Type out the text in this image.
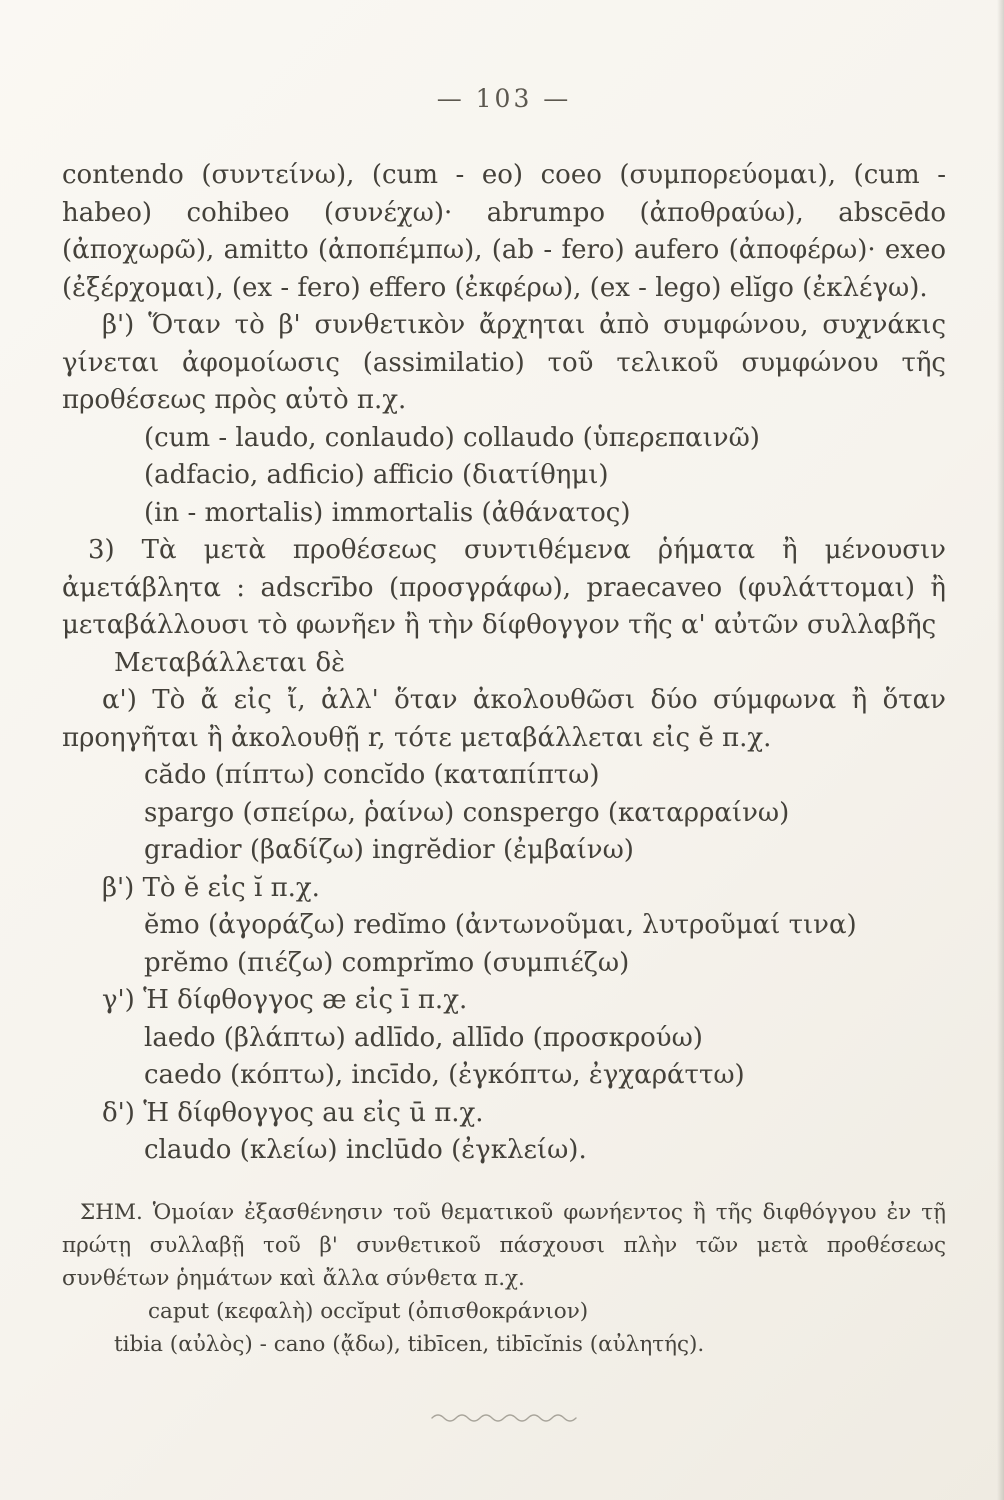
— 103 —

contendo (συντείνω), (cum - eo) coeo (συμπορεύομαι), (cum - habeo) cohibeo (συνέχω)· abrumpo (ἀποθραύω), abscēdo (ἀποχωρῶ), amitto (ἀποπέμπω), (ab - fero) aufero (ἀποφέρω)· exeo (ἐξέρχομαι), (ex - fero) effero (ἐκφέρω), (ex - lego) elĭgo (ἐκλέγω).

β') Ὅταν τὸ β' συνθετικὸν ἄρχηται ἀπὸ συμφώνου, συχνάκις γίνεται ἀφομοίωσις (assimilatio) τοῦ τελικοῦ συμφώνου τῆς προθέσεως πρὸς αὐτὸ π.χ.

(cum - laudo, conlaudo) collaudo (ὑπερεπαινῶ)

(adfacio, adficio) afficio (διατίθημι)

(in - mortalis) immortalis (ἀθάνατος)

3) Τὰ μετὰ προθέσεως συντιθέμενα ῥήματα ἢ μένουσιν ἀμετάβλητα : adscrībo (προσγράφω), praecaveo (φυλάττομαι) ἢ μεταβάλλουσι τὸ φωνῆεν ἢ τὴν δίφθογγον τῆς α' αὐτῶν συλλαβῆς

Μεταβάλλεται δὲ

α') Τὸ ἄ εἰς ἴ, ἀλλ' ὅταν ἀκολουθῶσι δύο σύμφωνα ἢ ὅταν προηγῆται ἢ ἀκολουθῇ r, τότε μεταβάλλεται εἰς ĕ π.χ.

cădo (πίπτω) concĭdo (καταπίπτω)

spargo (σπείρω, ῥαίνω) conspergo (καταρραίνω)

gradior (βαδίζω) ingrĕdior (ἐμβαίνω)

β') Τὸ ĕ εἰς ĭ π.χ.

ĕmo (ἀγοράζω) redĭmo (ἀντωνοῦμαι, λυτροῦμαί τινα)

prĕmo (πιέζω) comprĭmo (συμπιέζω)

γ') Ἡ δίφθογγος æ εἰς ī π.χ.

laedo (βλάπτω) adlīdo, allīdo (προσκρούω)

caedo (κόπτω), incīdo, (ἐγκόπτω, ἐγχαράττω)

δ') Ἡ δίφθογγος au εἰς ū π.χ.

claudo (κλείω) inclūdo (ἐγκλείω).

ΣΗΜ. Ὁμοίαν ἐξασθένησιν τοῦ θεματικοῦ φωνήεντος ἢ τῆς διφθόγγου ἐν τῇ πρώτῃ συλλαβῇ τοῦ β' συνθετικοῦ πάσχουσι πλὴν τῶν μετὰ προθέσεως συνθέτων ῥημάτων καὶ ἄλλα σύνθετα π.χ.

caput (κεφαλὴ) occĭput (ὀπισθοκράνιον)

tibia (αὐλὸς) - cano (ᾄδω), tibīcen, tibīcĭnis (αὐλητής).
